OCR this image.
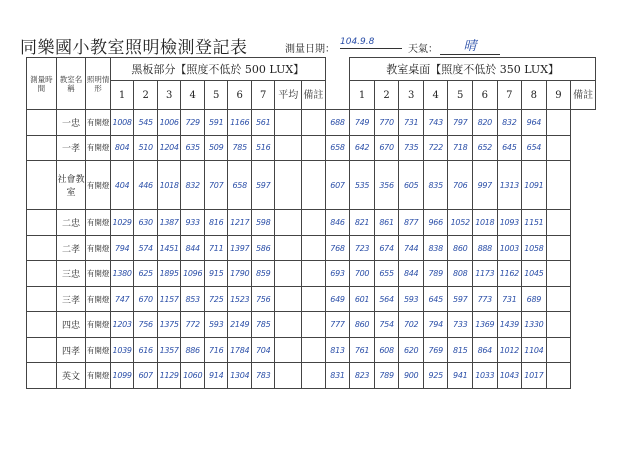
同樂國小教室照明檢測登記表	測量日期：
104.9.8
天氣：	晴
測量時間	教室名稱	照明情形	黑板部分【照度不低於 500 LUX】										教室桌面【照度不低於 350 LUX】									
			1	2	3	4	5	6	7	平均	備註		1	2	3	4	5	6	7	8	9	備註
	一忠	有開燈	1008	545	1006	729	591	1166	561			688	749	770	731	743	797	820	832	964		
	一孝	有開燈	804	510	1204	635	509	785	516			658	642	670	735	722	718	652	645	654		
	社會教室	有開燈	404	446	1018	832	707	658	597			607	535	356	605	835	706	997	1313	1091		
	二忠	有開燈	1029	630	1387	933	816	1217	598			846	821	861	877	966	1052	1018	1093	1151		
	二孝	有開燈	794	574	1451	844	711	1397	586			768	723	674	744	838	860	888	1003	1058		
	三忠	有開燈	1380	625	1895	1096	915	1790	859			693	700	655	844	789	808	1173	1162	1045		
	三孝	有開燈	747	670	1157	853	725	1523	756			649	601	564	593	645	597	773	731	689		
	四忠	有開燈	1203	756	1375	772	593	2149	785			777	860	754	702	794	733	1369	1439	1330		
	四孝	有開燈	1039	616	1357	886	716	1784	704			813	761	608	620	769	815	864	1012	1104		
	英文	有開燈	1099	607	1129	1060	914	1304	783			831	823	789	900	925	941	1033	1043	1017		
